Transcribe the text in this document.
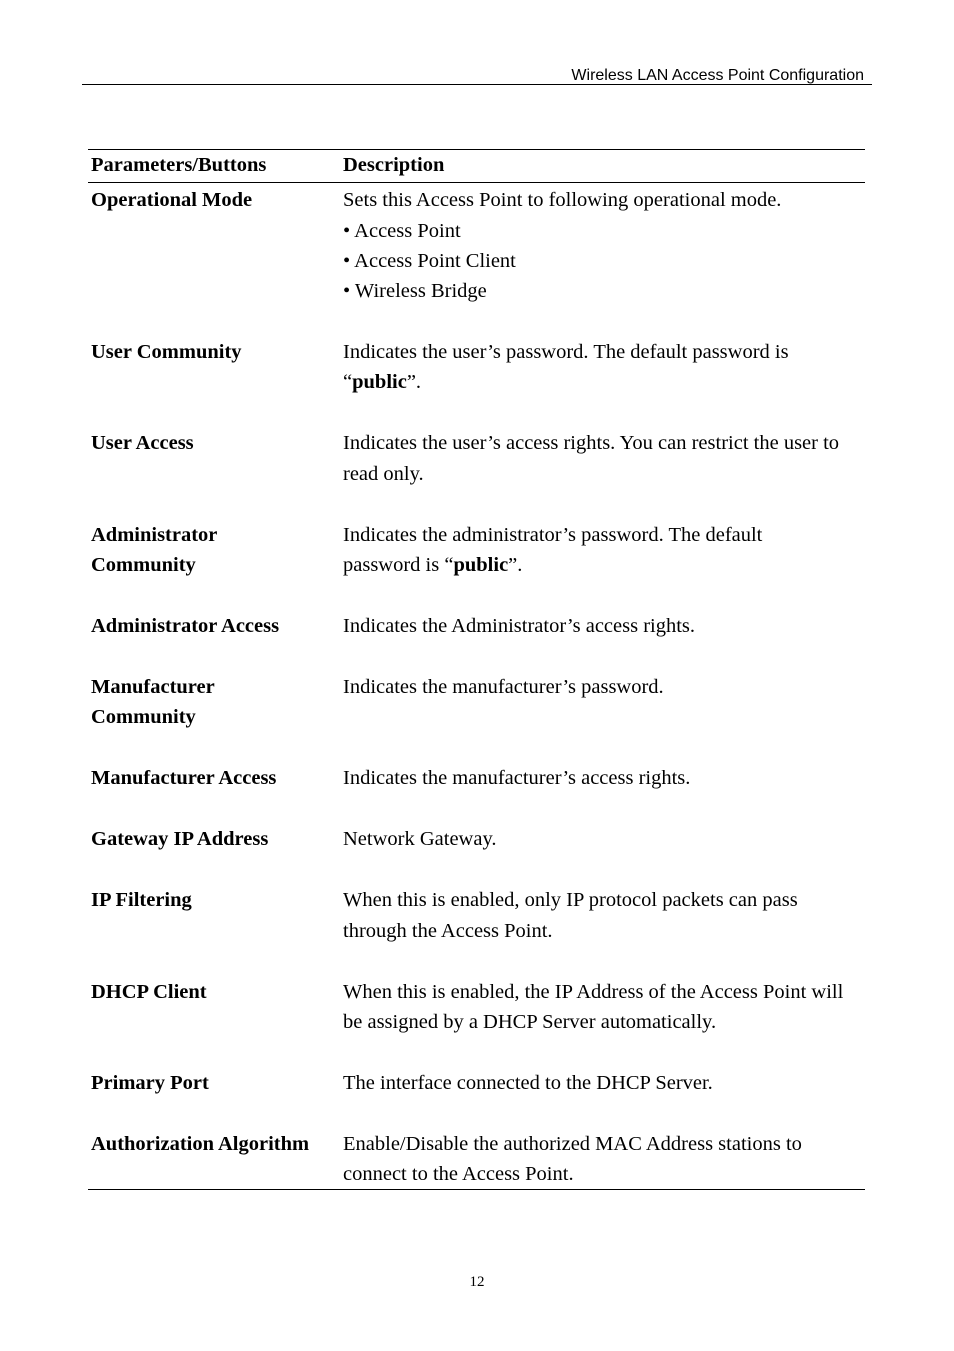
Wireless LAN Access Point Configuration
Parameters/Buttons	Description
Operational Mode	Sets this Access Point to following operational mode.
• Access Point
• Access Point Client
• Wireless Bridge

User Community	Indicates the user’s password. The default password is
“public”.

User Access	Indicates the user’s access rights. You can restrict the user to read only.

Administrator
Community	Indicates the administrator’s password. The default
password is “public”.

Administrator Access	Indicates the Administrator’s access rights.

Manufacturer
Community	Indicates the manufacturer’s password.
Manufacturer Access	Indicates the manufacturer’s access rights.
Gateway IP Address	Network Gateway.
IP Filtering	When this is enabled, only IP protocol packets can pass through the Access Point.
DHCP Client	When this is enabled, the IP Address of the Access Point will be assigned by a DHCP Server automatically.
Primary Port	The interface connected to the DHCP Server.
Authorization Algorithm	Enable/Disable the authorized MAC Address stations to connect to the Access Point.
12
